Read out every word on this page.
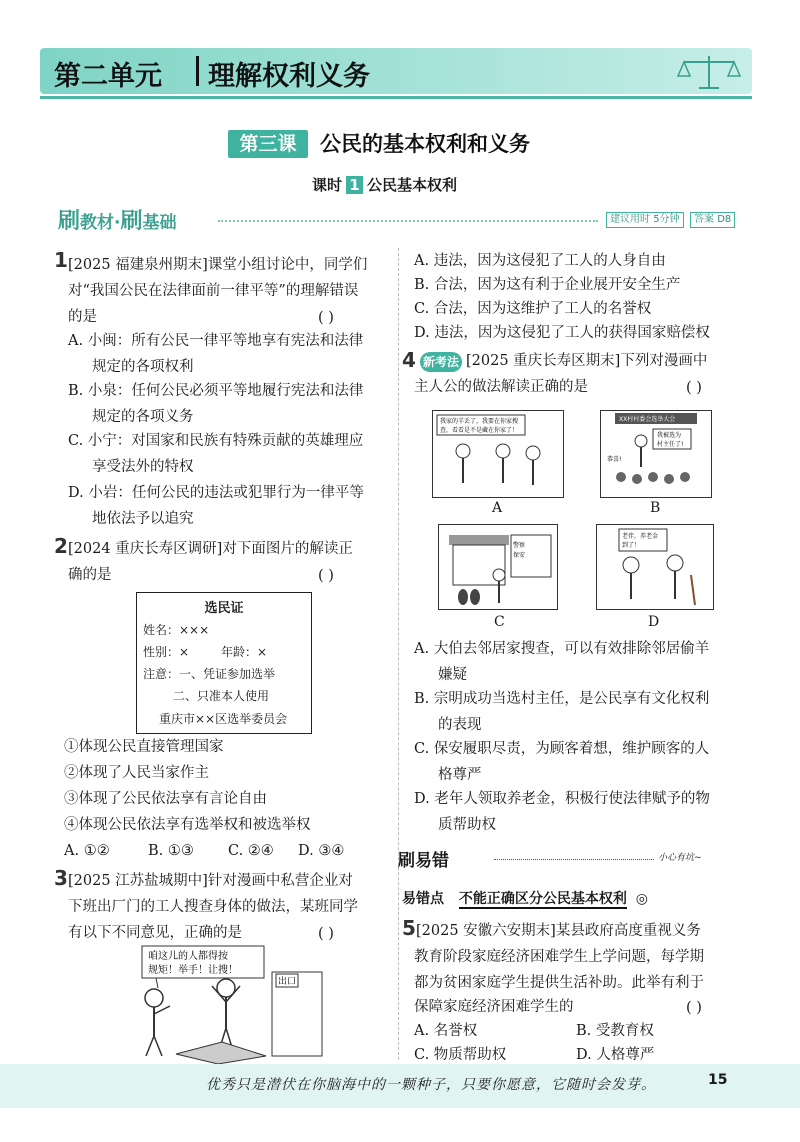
第二单元 理解权利义务
第三课	公民的基本权利和义务
课时 1 公民基本权利
刷教材·刷基础	建议用时 5分钟	答案 D8
1 [2025 福建泉州期末]课堂小组讨论中，同学们
对“我国公民在法律面前一律平等”的理解错误
的是	( )
A. 小闽：所有公民一律平等地享有宪法和法律
规定的各项权利
B. 小泉：任何公民必须平等地履行宪法和法律
规定的各项义务
C. 小宁：对国家和民族有特殊贡献的英雄理应
享受法外的特权
D. 小岩：任何公民的违法或犯罪行为一律平等
地依法予以追究
2 [2024 重庆长寿区调研]对下面图片的解读正
确的是	( )
选民证
姓名：×××
性别：×	年龄：×
注意：一、凭证参加选举
二、只准本人使用
重庆市××区选举委员会
①体现公民直接管理国家
②体现了人民当家作主
③体现了公民依法享有言论自由
④体现公民依法享有选举权和被选举权
A. ①②	B. ①③ C. ②④ D. ③④
3 [2025 江苏盐城期中]针对漫画中私营企业对
下班出厂门的工人搜查身体的做法，某班同学
有以下不同意见，正确的是	( )
咱这儿的人都得按
规矩！举手！让搜！
出口
A. 违法，因为这侵犯了工人的人身自由
B. 合法，因为这有利于企业展开安全生产
C. 合法，因为这维护了工人的名誉权
D. 违法，因为这侵犯了工人的获得国家赔偿权
4 新考法 [2025 重庆长寿区期末]下列对漫画中
主人公的做法解读正确的是	( )
我家的羊丢了，我要在你家搜
查，看看是不是藏在你家了！
A
XX村村委会选举大会
我被选为
村主任了!
恭喜!
B
警察
保安
C
老伴，养老金
到了！
D
A. 大伯去邻居家搜查，可以有效排除邻居偷羊
嫌疑
B. 宗明成功当选村主任，是公民享有文化权利
的表现
C. 保安履职尽责，为顾客着想，维护顾客的人
格尊严
D. 老年人领取养老金，积极行使法律赋予的物
质帮助权
刷易错	小心有坑~
易错点 不能正确区分公民基本权利 ◎
5 [2025 安徽六安期末]某县政府高度重视义务
教育阶段家庭经济困难学生上学问题，每学期
都为贫困家庭学生提供生活补助。此举有利于
保障家庭经济困难学生的	( )
A. 名誉权	B. 受教育权
C. 物质帮助权	D. 人格尊严
优秀只是潜伏在你脑海中的一颗种子，只要你愿意，它随时会发芽。	15
